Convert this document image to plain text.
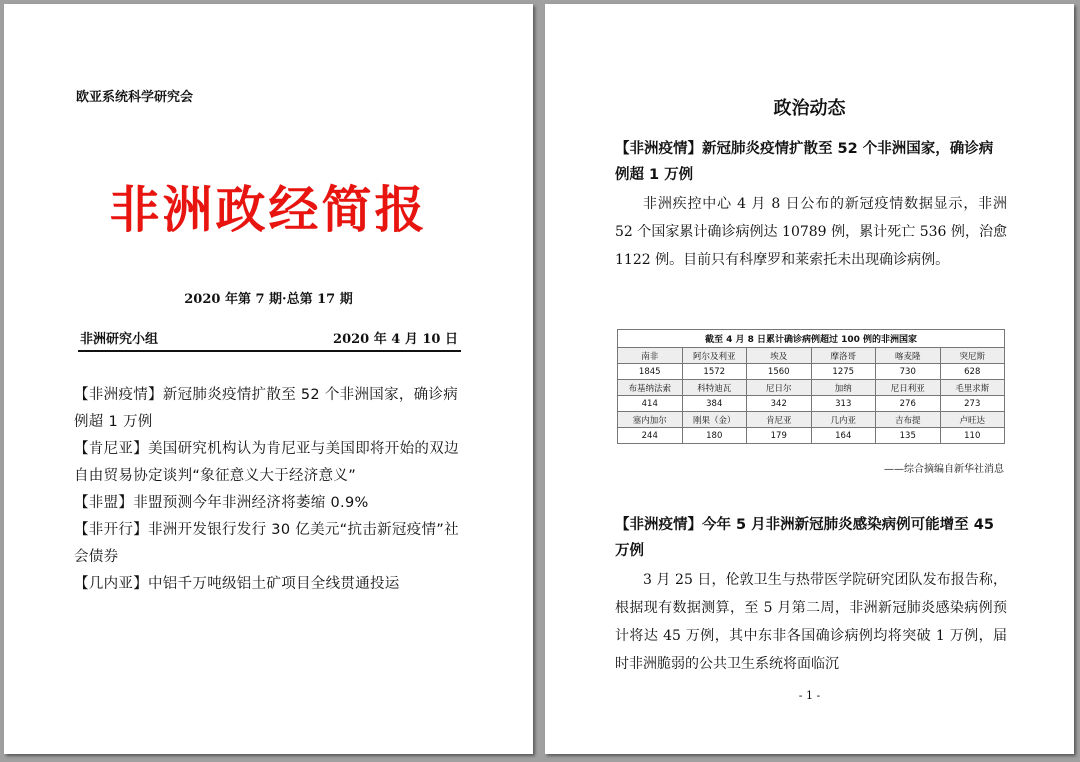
欧亚系统科学研究会
非洲政经简报
2020 年第 7 期·总第 17 期
非洲研究小组	2020 年 4 月 10 日
【非洲疫情】新冠肺炎疫情扩散至 52 个非洲国家，确诊病例超 1 万例
【肯尼亚】美国研究机构认为肯尼亚与美国即将开始的双边自由贸易协定谈判“象征意义大于经济意义”
【非盟】非盟预测今年非洲经济将萎缩 0.9%
【非开行】非洲开发银行发行 30 亿美元“抗击新冠疫情”社会债券
【几内亚】中铝千万吨级铝土矿项目全线贯通投运
政治动态

【非洲疫情】新冠肺炎疫情扩散至 52 个非洲国家，确诊病例超 1 万例

非洲疾控中心 4 月 8 日公布的新冠疫情数据显示，非洲 52 个国家累计确诊病例达 10789 例，累计死亡 536 例，治愈 1122 例。目前只有科摩罗和莱索托未出现确诊病例。

截至 4 月 8 日累计确诊病例超过 100 例的非洲国家					
南非	阿尔及利亚	埃及	摩洛哥	喀麦隆	突尼斯
1845	1572	1560	1275	730	628
布基纳法索	科特迪瓦	尼日尔	加纳	尼日利亚	毛里求斯
414	384	342	313	276	273
塞内加尔	刚果（金）	肯尼亚	几内亚	吉布提	卢旺达
244	180	179	164	135	110
——综合摘编自新华社消息

【非洲疫情】今年 5 月非洲新冠肺炎感染病例可能增至 45 万例

3 月 25 日，伦敦卫生与热带医学院研究团队发布报告称，根据现有数据测算，至 5 月第二周，非洲新冠肺炎感染病例预计将达 45 万例，其中东非各国确诊病例均将突破 1 万例，届时非洲脆弱的公共卫生系统将面临沉

- 1 -
